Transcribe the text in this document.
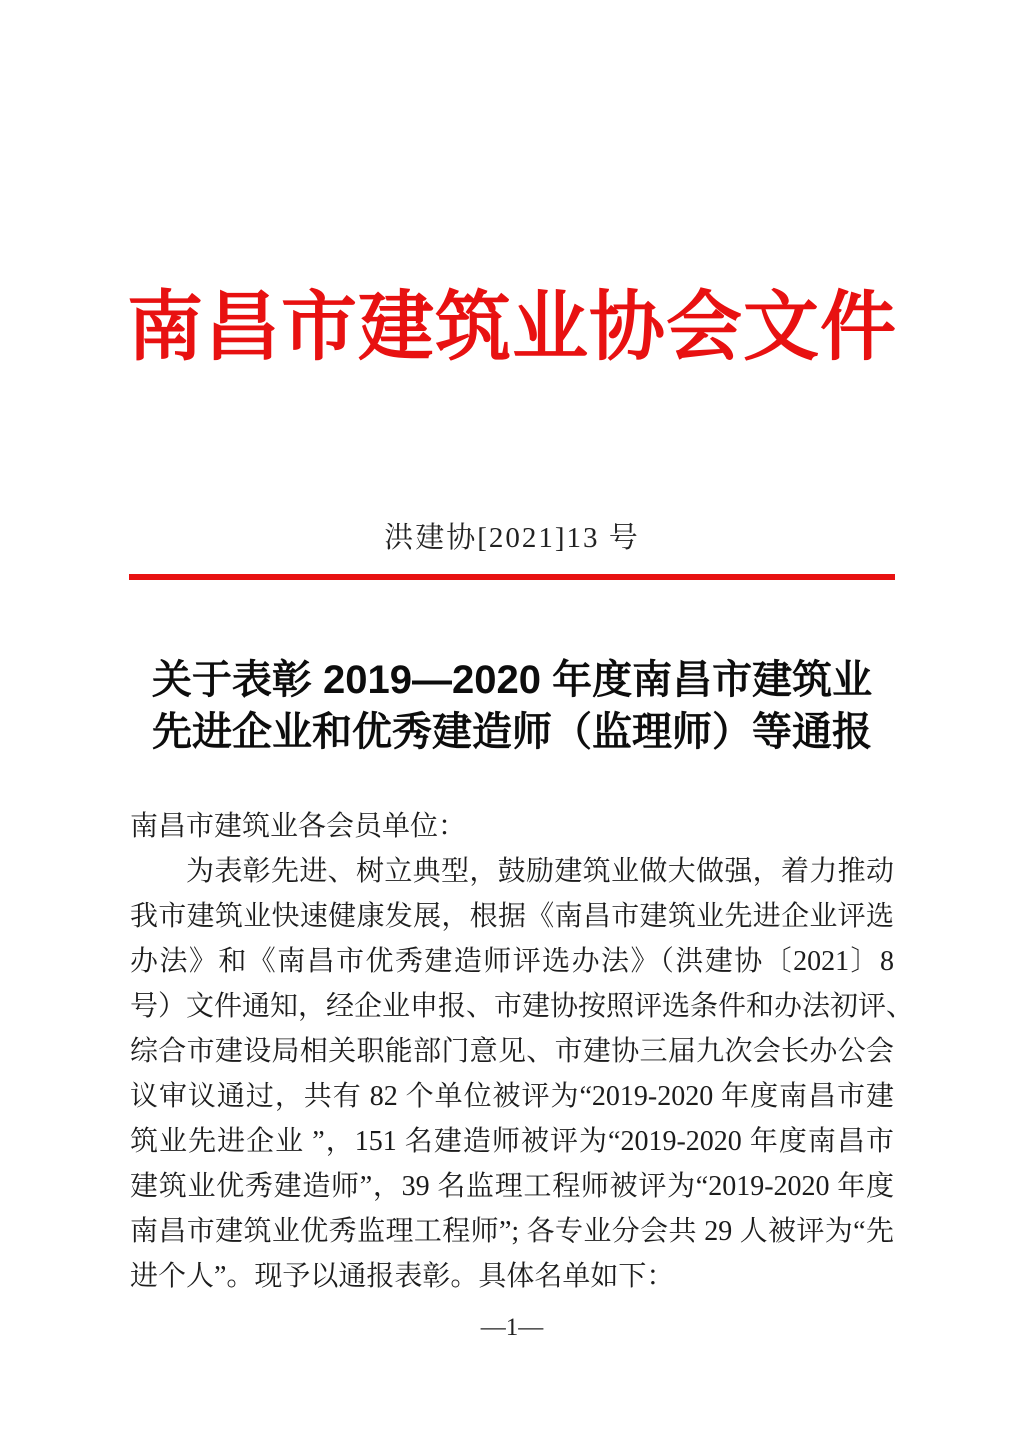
南昌市建筑业协会文件
洪建协[2021]13 号
关于表彰 2019—2020 年度南昌市建筑业
先进企业和优秀建造师（监理师）等通报
南昌市建筑业各会员单位：
为表彰先进、树立典型，鼓励建筑业做大做强，着力推动
我市建筑业快速健康发展，根据《南昌市建筑业先进企业评选
办法》和《南昌市优秀建造师评选办法》（洪建协〔2021〕8
号）文件通知，经企业申报、市建协按照评选条件和办法初评、
综合市建设局相关职能部门意见、市建协三届九次会长办公会
议审议通过，共有 82 个单位被评为“2019-2020 年度南昌市建
筑业先进企业 ”，151 名建造师被评为“2019-2020 年度南昌市
建筑业优秀建造师”，39 名监理工程师被评为“2019-2020 年度
南昌市建筑业优秀监理工程师”; 各专业分会共 29 人被评为“先
进个人”。现予以通报表彰。具体名单如下：
—1—
